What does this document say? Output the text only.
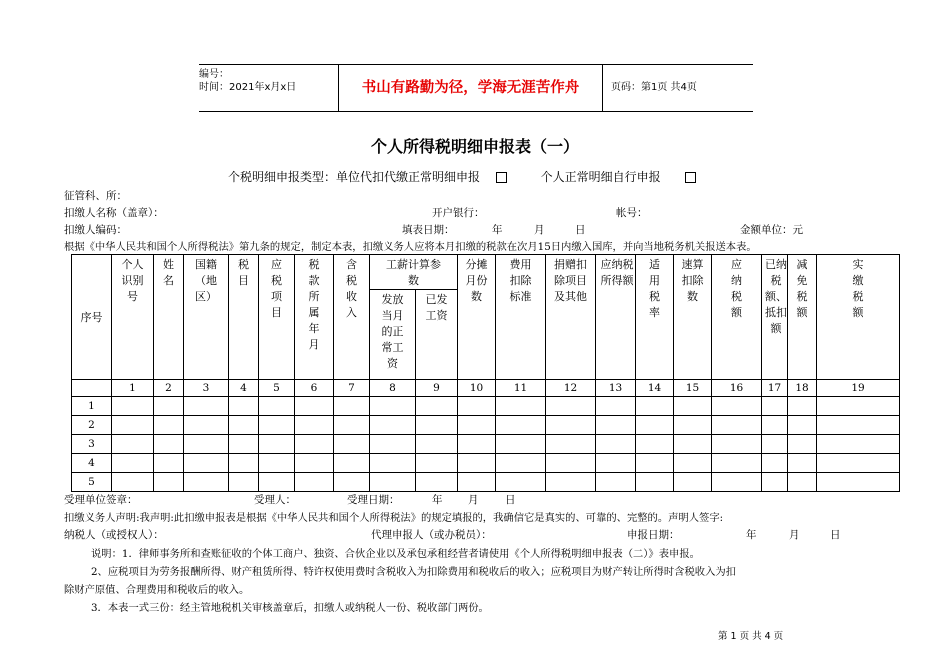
编号：
时间：2021年x月x日	书山有路勤为径，学海无涯苦作舟	页码：第1页 共4页
个人所得税明细申报表（一）
个税明细申报类型：单位代扣代缴正常明细申报	个人正常明细自行申报
征管科、所：
扣缴人名称（盖章）：	开户银行：	帐号：
扣缴人编码：	填表日期：	年	月	日	金额单位：元
根据《中华人民共和国个人所得税法》第九条的规定，制定本表，扣缴义务人应将本月扣缴的税款在次月15日内缴入国库，并向当地税务机关报送本表。
序号	个人识别号	姓名	国籍（地区）	税目	应税项目	税款所属年月	含税收入	工薪计算参数		分摊月份数	费用扣除标准	捐赠扣除项目及其他	应纳税所得额	适用税率	速算扣除数	应纳税额	已纳税额、抵扣额	减免税额	实缴税额

								发放当月的正常工资	已发工资										

	1	2	3	4	5	6	7	8	9	10	11	12	13	14	15	16	17	18	19
1																			
2																			
3																			
4																			
5																			
受理单位签章：	受理人：	受理日期：	年 月	日
扣缴义务人声明:我声明:此扣缴申报表是根据《中华人民共和国个人所得税法》的规定填报的，我确信它是真实的、可靠的、完整的。声明人签字:
纳税人（或授权人）：	代理申报人（或办税员）：	申报日期：	年	月	日
说明：1．律师事务所和查账征收的个体工商户、独资、合伙企业以及承包承租经营者请使用《个人所得税明细申报表（二）》表申报。
2、应税项目为劳务报酬所得、财产租赁所得、特许权使用费时含税收入为扣除费用和税收后的收入；应税项目为财产转让所得时含税收入为扣
除财产原值、合理费用和税收后的收入。
3．本表一式三份：经主管地税机关审核盖章后，扣缴人或纳税人一份、税收部门两份。
第 1 页 共 4 页
